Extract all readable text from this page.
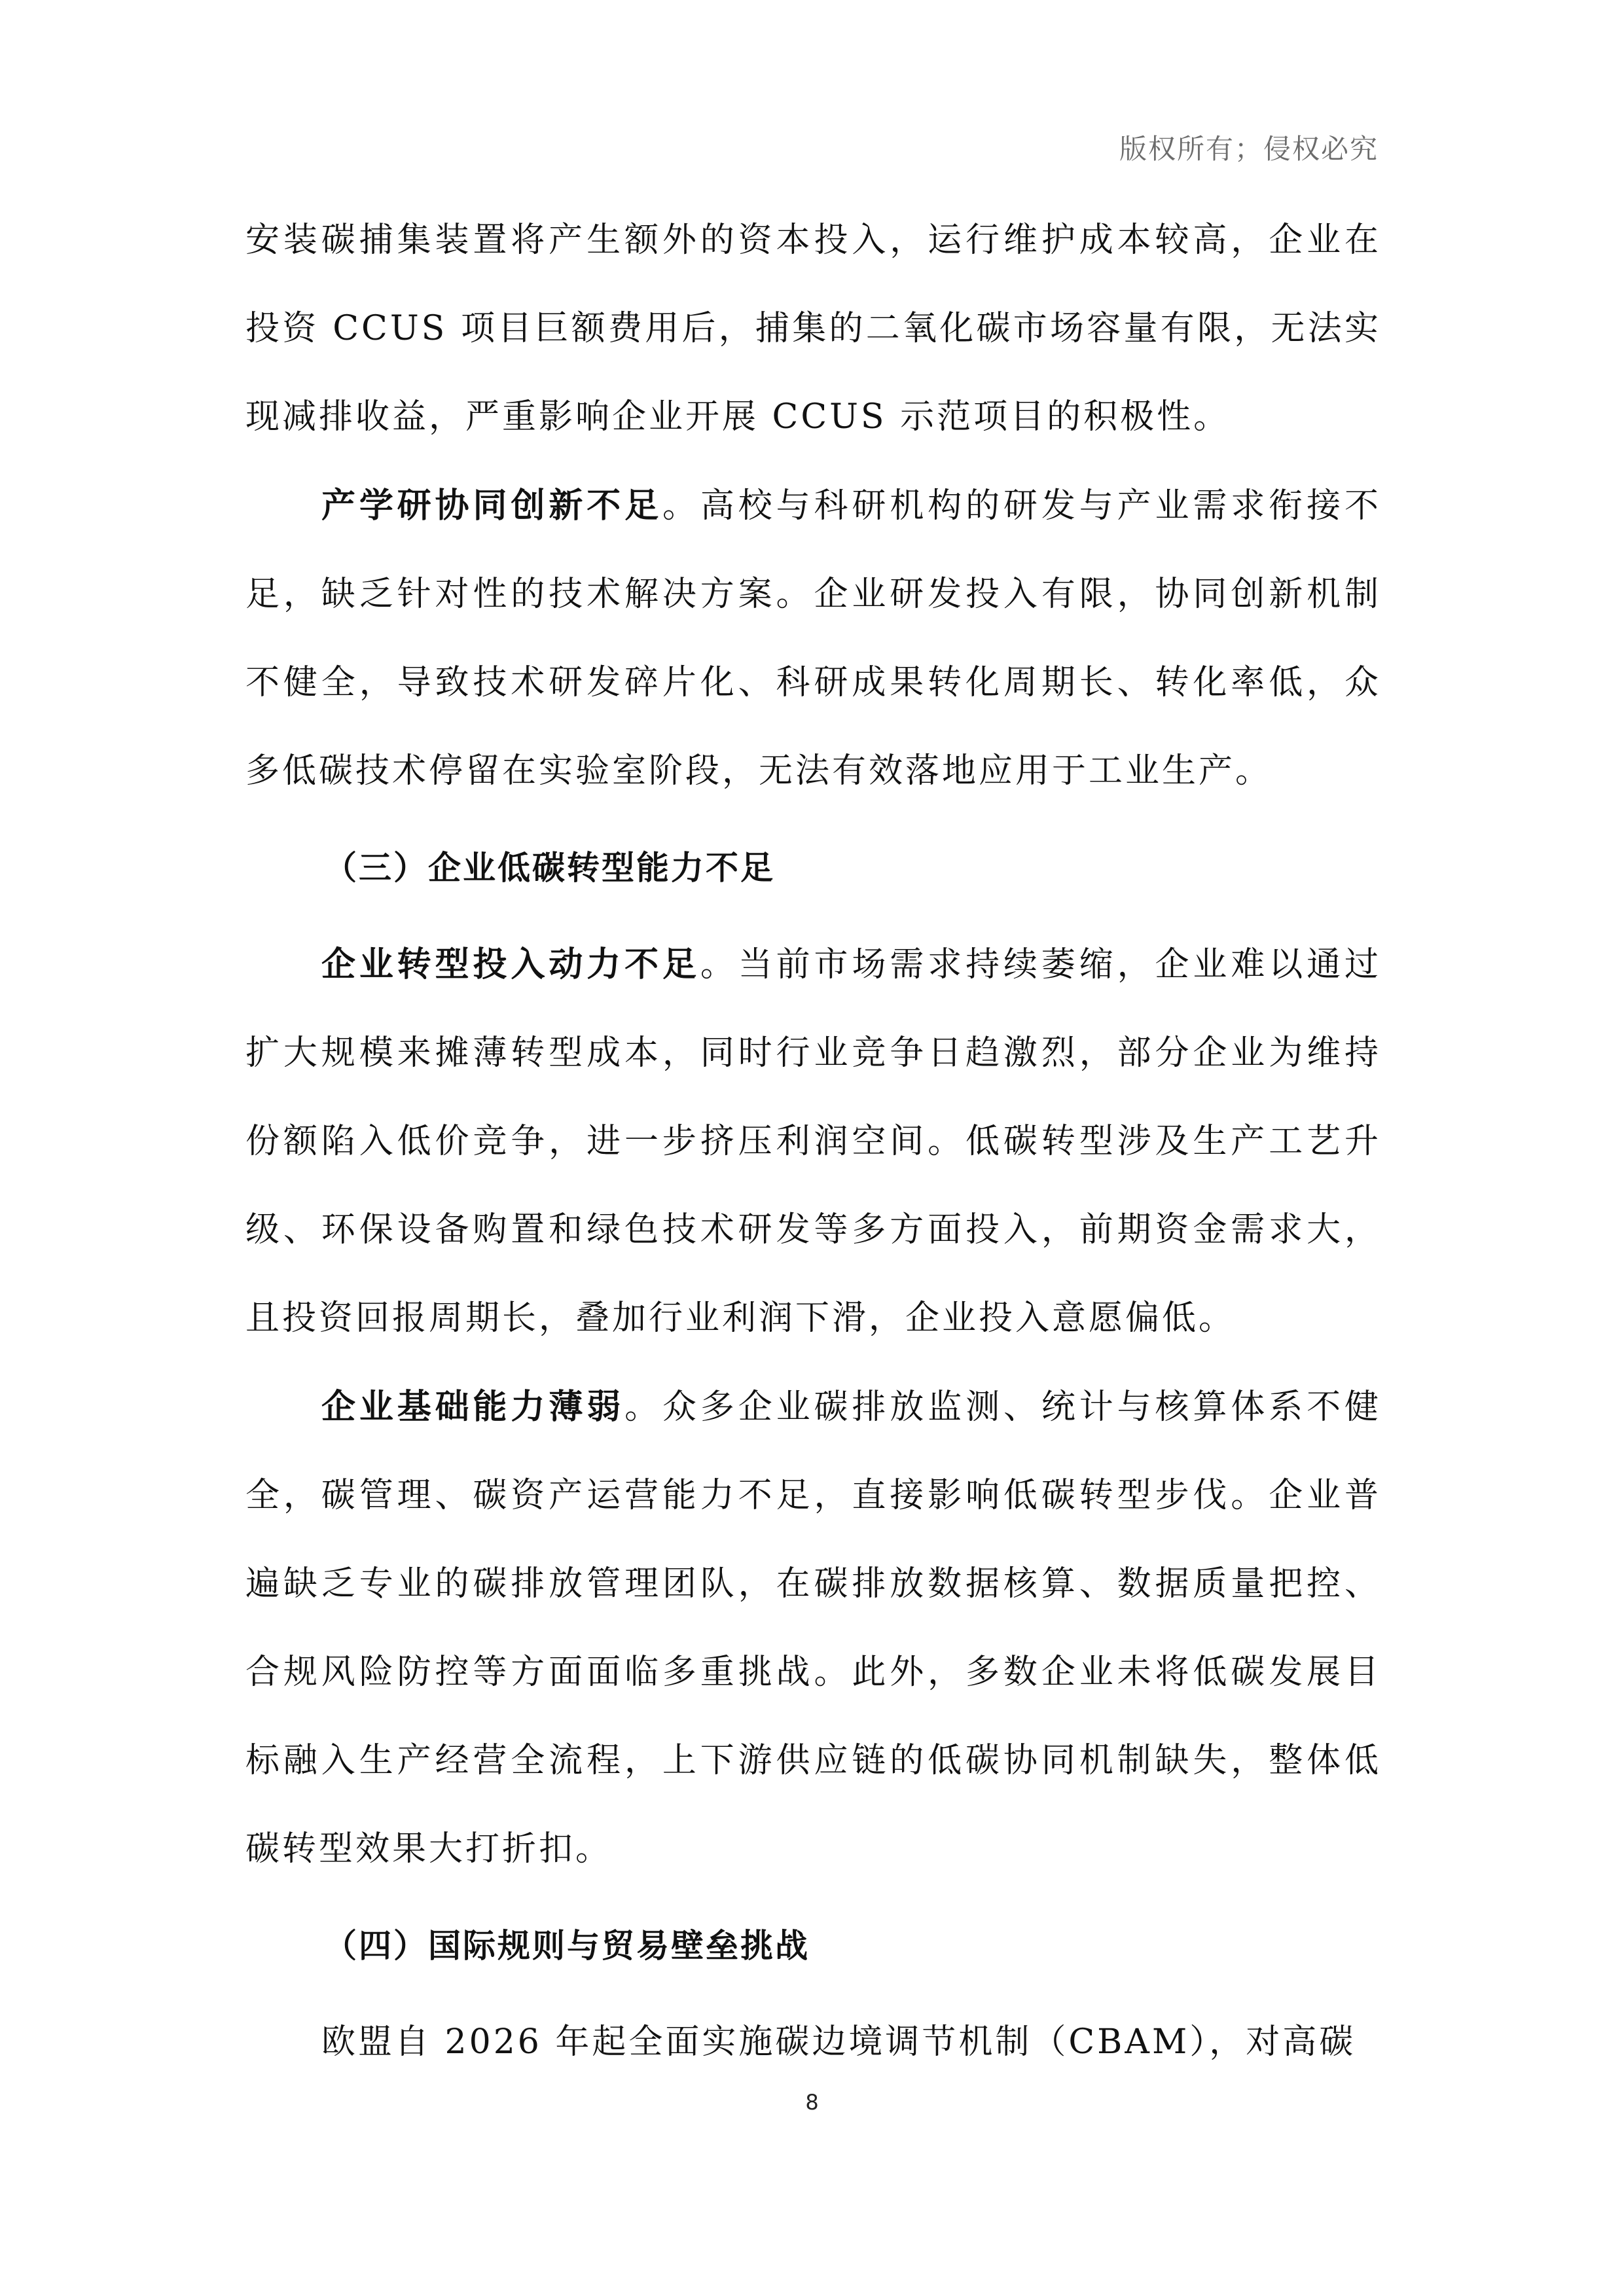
版权所有；侵权必究

安装碳捕集装置将产生额外的资本投入，运行维护成本较高，企业在投资 CCUS 项目巨额费用后，捕集的二氧化碳市场容量有限，无法实现减排收益，严重影响企业开展 CCUS 示范项目的积极性。

产学研协同创新不足。高校与科研机构的研发与产业需求衔接不足，缺乏针对性的技术解决方案。企业研发投入有限，协同创新机制不健全，导致技术研发碎片化、科研成果转化周期长、转化率低，众多低碳技术停留在实验室阶段，无法有效落地应用于工业生产。

（三）企业低碳转型能力不足

企业转型投入动力不足。当前市场需求持续萎缩，企业难以通过扩大规模来摊薄转型成本，同时行业竞争日趋激烈，部分企业为维持份额陷入低价竞争，进一步挤压利润空间。低碳转型涉及生产工艺升级、环保设备购置和绿色技术研发等多方面投入，前期资金需求大，且投资回报周期长，叠加行业利润下滑，企业投入意愿偏低。

企业基础能力薄弱。众多企业碳排放监测、统计与核算体系不健全，碳管理、碳资产运营能力不足，直接影响低碳转型步伐。企业普遍缺乏专业的碳排放管理团队，在碳排放数据核算、数据质量把控、合规风险防控等方面面临多重挑战。此外，多数企业未将低碳发展目标融入生产经营全流程，上下游供应链的低碳协同机制缺失，整体低碳转型效果大打折扣。

（四）国际规则与贸易壁垒挑战

欧盟自 2026 年起全面实施碳边境调节机制（CBAM），对高碳

8
